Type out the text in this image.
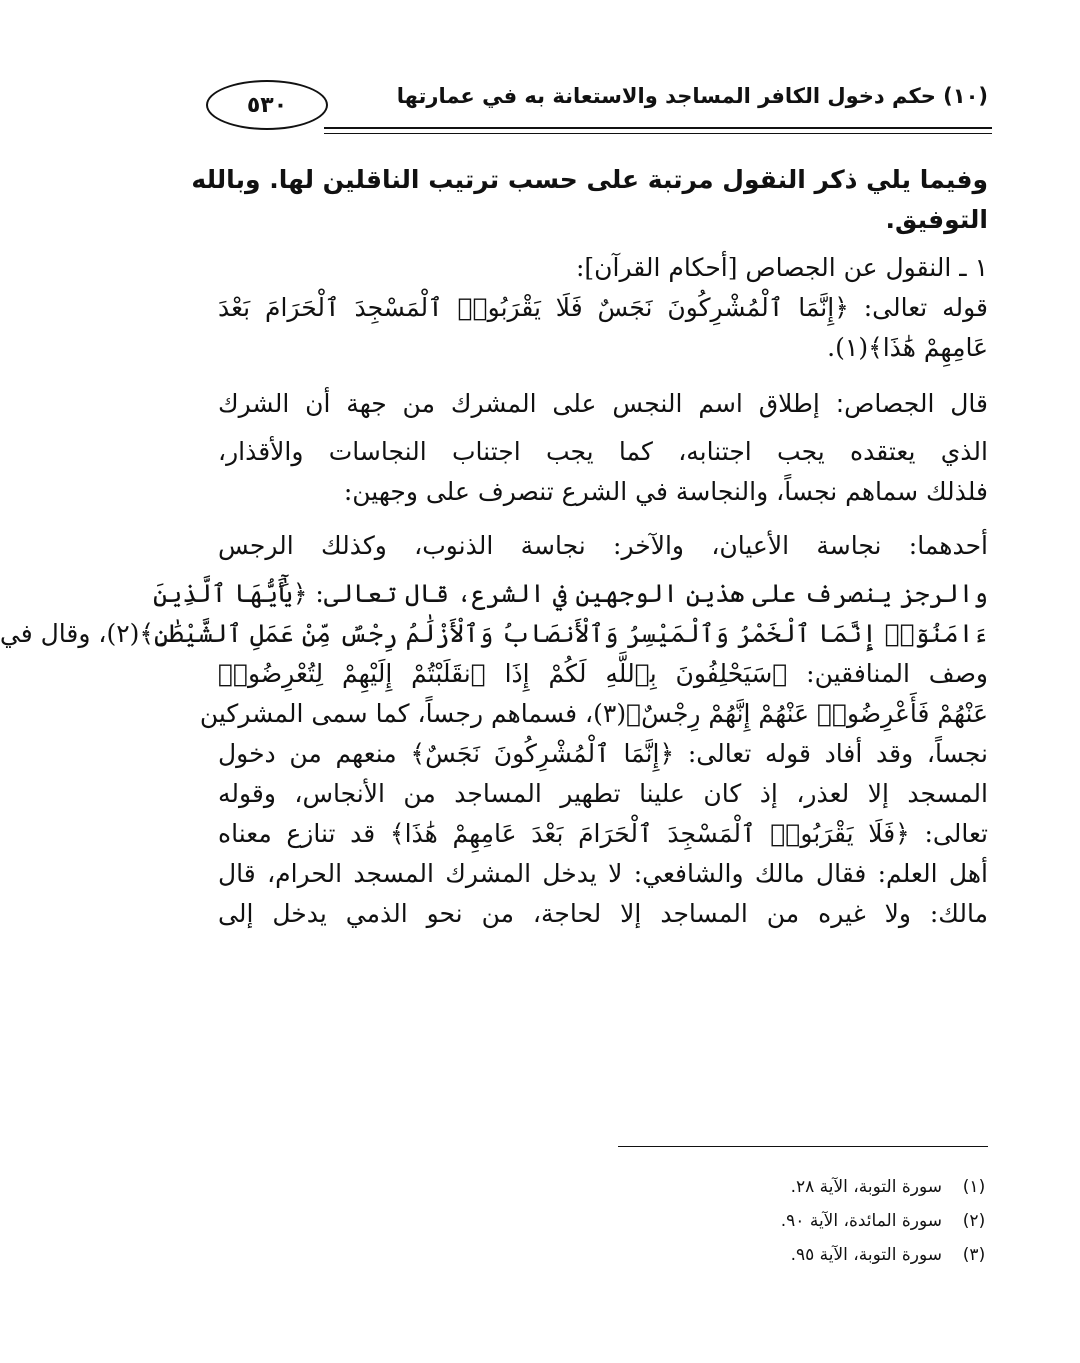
(١٠) حكم دخول الكافر المساجد والاستعانة به في عمارتها
٥٣٠
وفيما يلي ذكر النقول مرتبة على حسب ترتيب الناقلين لها. وبالله
التوفيق.
١ ـ النقول عن الجصاص [أحكام القرآن]:
قوله تعالى: ﴿إِنَّمَا ٱلْمُشْرِكُونَ نَجَسٌ فَلَا يَقْرَبُوا۟ ٱلْمَسْجِدَ ٱلْحَرَامَ بَعْدَ
عَامِهِمْ هَٰذَا﴾(١).
قال الجصاص: إطلاق اسم النجس على المشرك من جهة أن الشرك
الذي يعتقده يجب اجتنابه، كما يجب اجتناب النجاسات والأقذار،
فلذلك سماهم نجساً، والنجاسة في الشرع تنصرف على وجهين:
أحدهما: نجاسة الأعيان، والآخر: نجاسة الذنوب، وكذلك الرجس
والرجز ينصرف على هذين الوجهين في الشرع، قال تعالى: ﴿يَٰٓأَيُّهَا ٱلَّذِينَ
ءَامَنُوٓا۟ إِنَّمَا ٱلْخَمْرُ وَٱلْمَيْسِرُ وَٱلْأَنصَابُ وَٱلْأَزْلَٰمُ رِجْسٌ مِّنْ عَمَلِ ٱلشَّيْطَٰنِ﴾(٢)، وقال في
وصف المنافقين: ﴿سَيَحْلِفُونَ بِٱللَّهِ لَكُمْ إِذَا ٱنقَلَبْتُمْ إِلَيْهِمْ لِتُعْرِضُوا۟
عَنْهُمْ فَأَعْرِضُوا۟ عَنْهُمْ إِنَّهُمْ رِجْسٌ﴾(٣)، فسماهم رجساً، كما سمى المشركين
نجساً، وقد أفاد قوله تعالى: ﴿إِنَّمَا ٱلْمُشْرِكُونَ نَجَسٌ﴾ منعهم من دخول
المسجد إلا لعذر، إذ كان علينا تطهير المساجد من الأنجاس، وقوله
تعالى: ﴿فَلَا يَقْرَبُوا۟ ٱلْمَسْجِدَ ٱلْحَرَامَ بَعْدَ عَامِهِمْ هَٰذَا﴾ قد تنازع معناه
أهل العلم: فقال مالك والشافعي: لا يدخل المشرك المسجد الحرام، قال
مالك: ولا غيره من المساجد إلا لحاجة، من نحو الذمي يدخل إلى
(١)
سورة التوبة، الآية ٢٨.
(٢)
سورة المائدة، الآية ٩٠.
(٣)
سورة التوبة، الآية ٩٥.
